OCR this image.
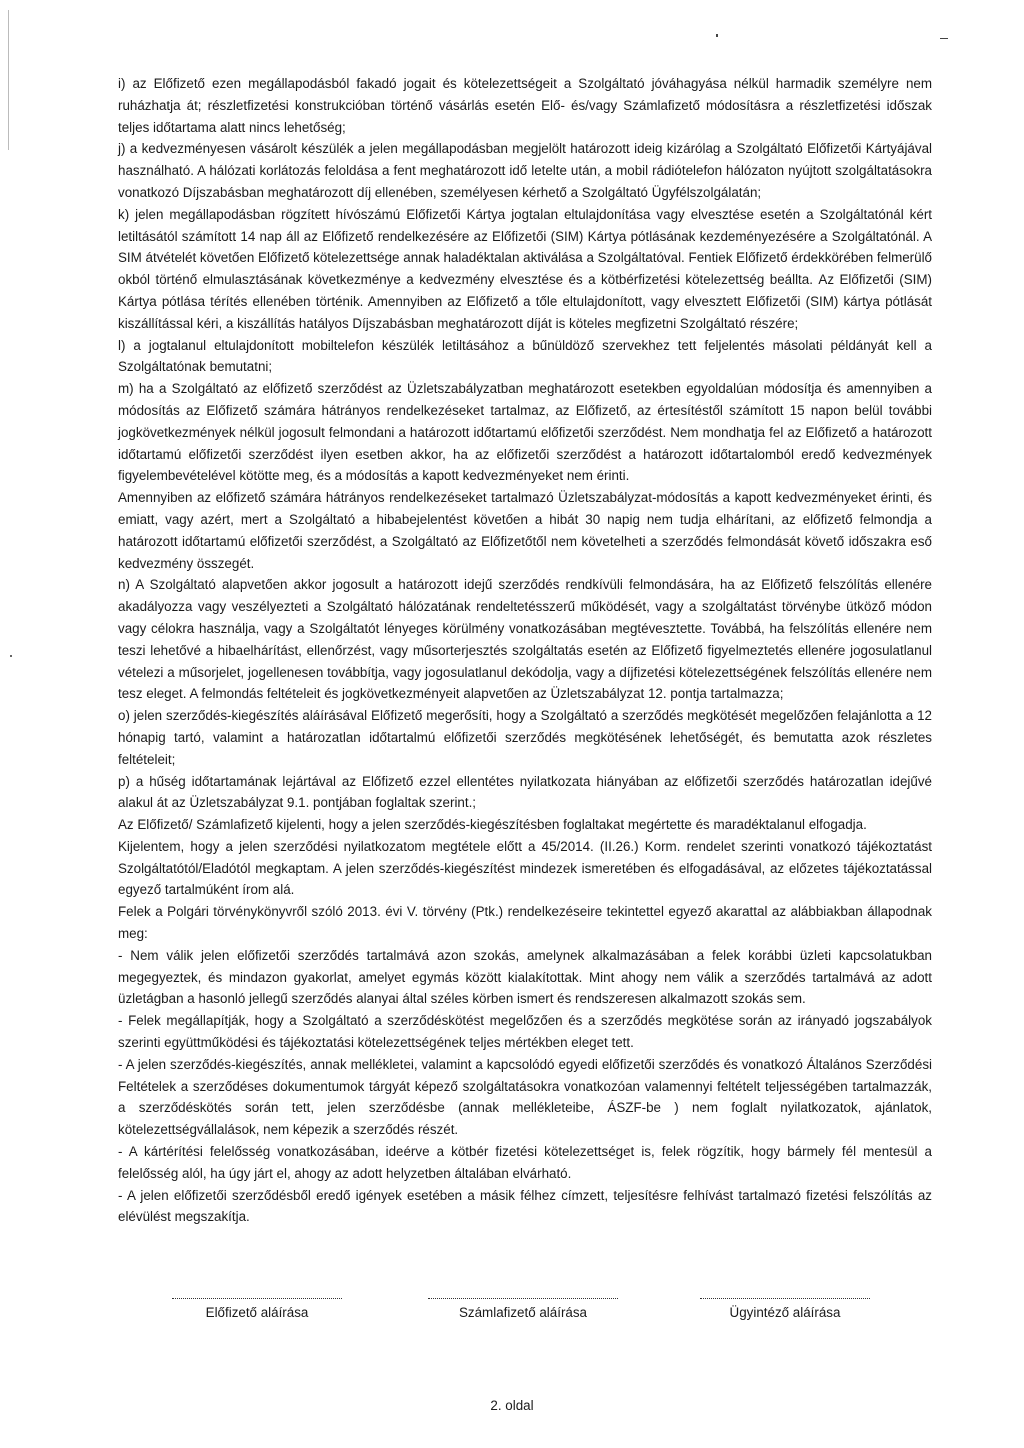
i) az Előfizető ezen megállapodásból fakadó jogait és kötelezettségeit a Szolgáltató jóváhagyása nélkül harmadik személyre nem ruházhatja át; részletfizetési konstrukcióban történő vásárlás esetén Elő- és/vagy Számlafizető módosításra a részletfizetési időszak teljes időtartama alatt nincs lehetőség;

j) a kedvezményesen vásárolt készülék a jelen megállapodásban megjelölt határozott ideig kizárólag a Szolgáltató Előfizetői Kártyájával használható. A hálózati korlátozás feloldása a fent meghatározott idő letelte után, a mobil rádiótelefon hálózaton nyújtott szolgáltatásokra vonatkozó Díjszabásban meghatározott díj ellenében, személyesen kérhető a Szolgáltató Ügyfélszolgálatán;

k) jelen megállapodásban rögzített hívószámú Előfizetői Kártya jogtalan eltulajdonítása vagy elvesztése esetén a Szolgáltatónál kért letiltásától számított 14 nap áll az Előfizető rendelkezésére az Előfizetői (SIM) Kártya pótlásának kezdeményezésére a Szolgáltatónál. A SIM átvételét követően Előfizető kötelezettsége annak haladéktalan aktiválása a Szolgáltatóval. Fentiek Előfizető érdekkörében felmerülő okból történő elmulasztásának következménye a kedvezmény elvesztése és a kötbérfizetési kötelezettség beálltа. Az Előfizetői (SIM) Kártya pótlása térítés ellenében történik. Amennyiben az Előfizető a tőle eltulajdonított, vagy elvesztett Előfizetői (SIM) kártya pótlását kiszállítással kéri, a kiszállítás hatályos Díjszabásban meghatározott díját is köteles megfizetni Szolgáltató részére;

l) a jogtalanul eltulajdonított mobiltelefon készülék letiltásához a bűnüldöző szervekhez tett feljelentés másolati példányát kell a Szolgáltatónak bemutatni;

m) ha a Szolgáltató az előfizető szerződést az Üzletszabályzatban meghatározott esetekben egyoldalúan módosítja és amennyiben a módosítás az Előfizető számára hátrányos rendelkezéseket tartalmaz, az Előfizető, az értesítéstől számított 15 napon belül további jogkövetkezmények nélkül jogosult felmondani a határozott időtartamú előfizetői szerződést. Nem mondhatja fel az Előfizető a határozott időtartamú előfizetői szerződést ilyen esetben akkor, ha az előfizetői szerződést a határozott időtartalomból eredő kedvezmények figyelembevételével kötötte meg, és a módosítás a kapott kedvezményeket nem érinti.

Amennyiben az előfizető számára hátrányos rendelkezéseket tartalmazó Üzletszabályzat-módosítás a kapott kedvezményeket érinti, és emiatt, vagy azért, mert a Szolgáltató a hibabejelentést követően a hibát 30 napig nem tudja elhárítani, az előfizető felmondja a határozott időtartamú előfizetői szerződést, a Szolgáltató az Előfizetőtől nem követelheti a szerződés felmondását követő időszakra eső kedvezmény összegét.

n) A Szolgáltató alapvetően akkor jogosult a határozott idejű szerződés rendkívüli felmondására, ha az Előfizető felszólítás ellenére akadályozza vagy veszélyezteti a Szolgáltató hálózatának rendeltetésszerű működését, vagy a szolgáltatást törvénybe ütköző módon vagy célokra használja, vagy a Szolgáltatót lényeges körülmény vonatkozásában megtévesztette. Továbbá, ha felszólítás ellenére nem teszi lehetővé a hibaelhárítást, ellenőrzést, vagy műsorterjesztés szolgáltatás esetén az Előfizető figyelmeztetés ellenére jogosulatlanul vételezi a műsorjelet, jogellenesen továbbítja, vagy jogosulatlanul dekódolja, vagy a díjfizetési kötelezettségének felszólítás ellenére nem tesz eleget. A felmondás feltételeit és jogkövetkezményeit alapvetően az Üzletszabályzat 12. pontja tartalmazza;

o) jelen szerződés-kiegészítés aláírásával Előfizető megerősíti, hogy a Szolgáltató a szerződés megkötését megelőzően felajánlotta a 12 hónapig tartó, valamint a határozatlan időtartalmú előfizetői szerződés megkötésének lehetőségét, és bemutatta azok részletes feltételeit;

p) a hűség időtartamának lejártával az Előfizető ezzel ellentétes nyilatkozata hiányában az előfizetői szerződés határozatlan idejűvé alakul át az Üzletszabályzat 9.1. pontjában foglaltak szerint.;

Az Előfizető/ Számlafizető kijelenti, hogy a jelen szerződés-kiegészítésben foglaltakat megértette és maradéktalanul elfogadja.

Kijelentem, hogy a jelen szerződési nyilatkozatom megtétele előtt a 45/2014. (II.26.) Korm. rendelet szerinti vonatkozó tájékoztatást Szolgáltatótól/Eladótól megkaptam. A jelen szerződés-kiegészítést mindezek ismeretében és elfogadásával, az előzetes tájékoztatással egyező tartalmúként írom alá.

Felek a Polgári törvénykönyvről szóló 2013. évi V. törvény (Ptk.) rendelkezéseire tekintettel egyező akarattal az alábbiakban állapodnak meg:

- Nem válik jelen előfizetői szerződés tartalmává azon szokás, amelynek alkalmazásában a felek korábbi üzleti kapcsolatukban megegyeztek, és mindazon gyakorlat, amelyet egymás között kialakítottak. Mint ahogy nem válik a szerződés tartalmává az adott üzletágban a hasonló jellegű szerződés alanyai által széles körben ismert és rendszeresen alkalmazott szokás sem.

- Felek megállapítják, hogy a Szolgáltató a szerződéskötést megelőzően és a szerződés megkötése során az irányadó jogszabályok szerinti együttműködési és tájékoztatási kötelezettségének teljes mértékben eleget tett.

- A jelen szerződés-kiegészítés, annak mellékletei, valamint a kapcsolódó egyedi előfizetői szerződés és vonatkozó Általános Szerződési Feltételek a szerződéses dokumentumok tárgyát képező szolgáltatásokra vonatkozóan valamennyi feltételt teljességében tartalmazzák, a szerződéskötés során tett, jelen szerződésbe (annak mellékleteibe, ÁSZF-be ) nem foglalt nyilatkozatok, ajánlatok, kötelezettségvállalások, nem képezik a szerződés részét.

- A kártérítési felelősség vonatkozásában, ideérve a kötbér fizetési kötelezettséget is, felek rögzítik, hogy bármely fél mentesül a felelősség alól, ha úgy járt el, ahogy az adott helyzetben általában elvárható.

- A jelen előfizetői szerződésből eredő igények esetében a másik félhez címzett, teljesítésre felhívást tartalmazó fizetési felszólítás az elévülést megszakítja.

Előfizető aláírása	Számlafizető aláírása	Ügyintéző aláírása
2. oldal
